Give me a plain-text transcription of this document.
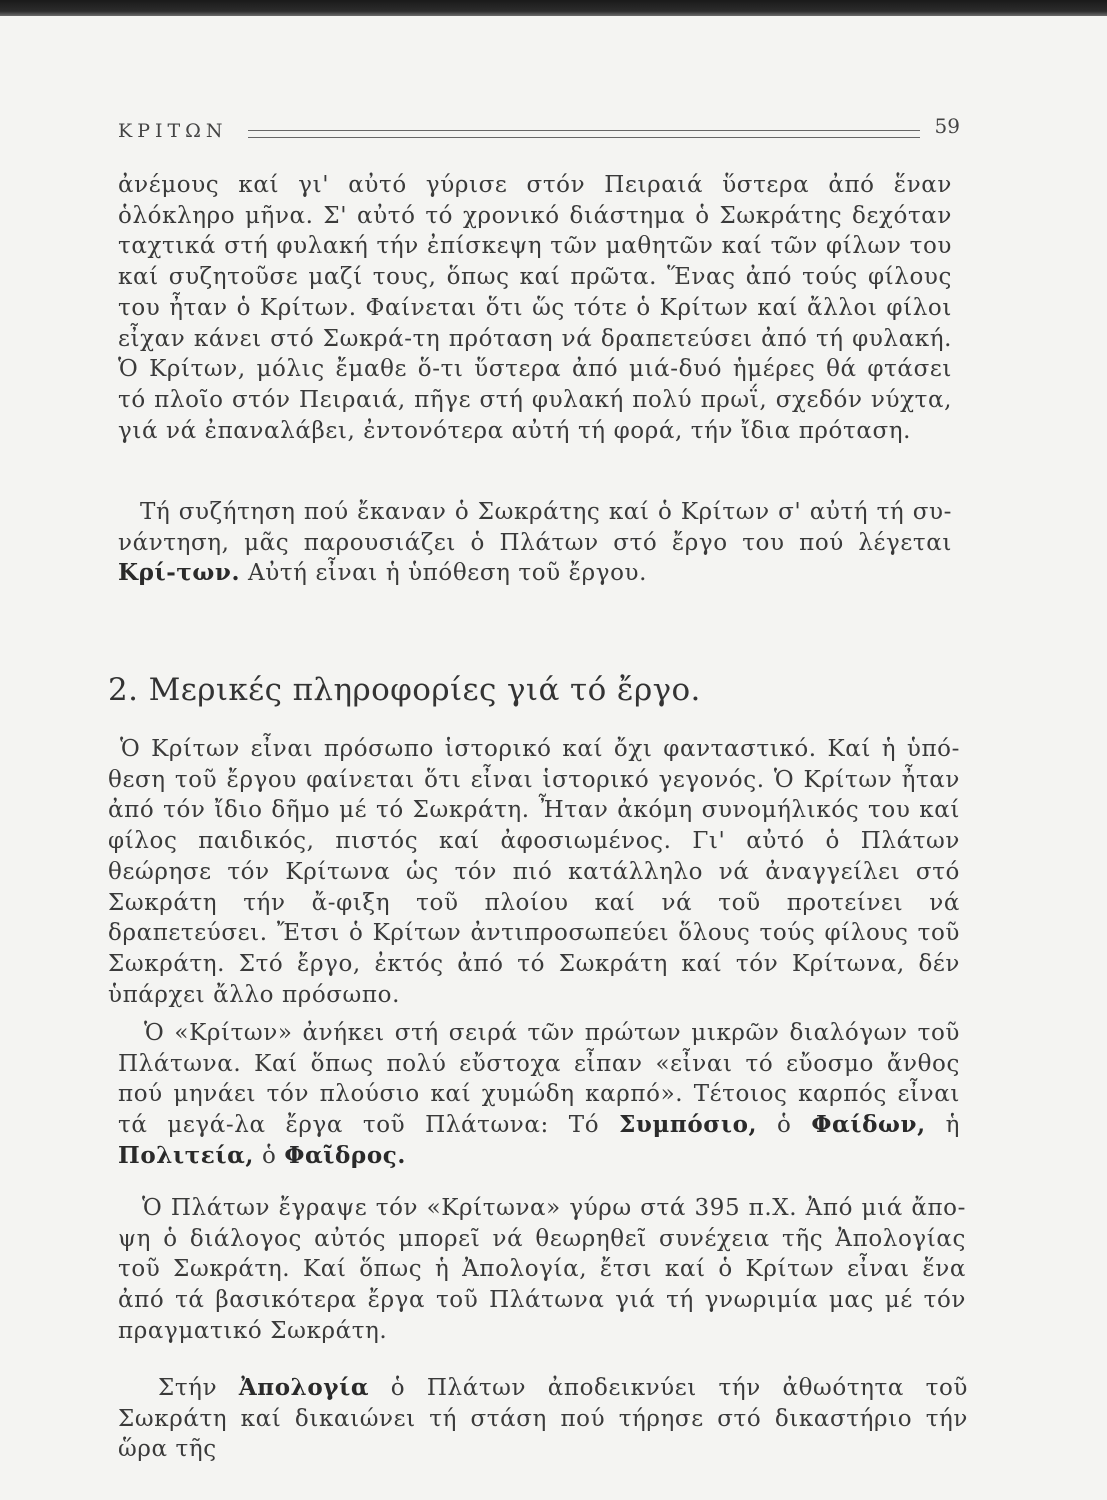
ΚΡΙΤΩΝ	59

ἀνέμους καί γι' αὐτό γύρισε στόν Πειραιά ὕστερα ἀπό ἕναν ὁλόκληρο μῆνα. Σ' αὐτό τό χρονικό διάστημα ὁ Σωκράτης δεχόταν ταχτικά στή φυλακή τήν ἐπίσκεψη τῶν μαθητῶν καί τῶν φίλων του καί συζητοῦσε μαζί τους, ὅπως καί πρῶτα. Ἕνας ἀπό τούς φίλους του ἦταν ὁ Κρίτων. Φαίνεται ὅτι ὥς τότε ὁ Κρίτων καί ἄλλοι φίλοι εἶχαν κάνει στό Σωκρά-τη πρόταση νά δραπετεύσει ἀπό τή φυλακή. Ὁ Κρίτων, μόλις ἔμαθε ὅ-τι ὕστερα ἀπό μιά-δυό ἡμέρες θά φτάσει τό πλοῖο στόν Πειραιά, πῆγε στή φυλακή πολύ πρωΐ, σχεδόν νύχτα, γιά νά ἐπαναλάβει, ἐντονότερα αὐτή τή φορά, τήν ἴδια πρόταση.

Τή συζήτηση πού ἔκαναν ὁ Σωκράτης καί ὁ Κρίτων σ' αὐτή τή συ-νάντηση, μᾶς παρουσιάζει ὁ Πλάτων στό ἔργο του πού λέγεται Κρί-των. Αὐτή εἶναι ἡ ὑπόθεση τοῦ ἔργου.

2. Μερικές πληροφορίες γιά τό ἔργο.

Ὁ Κρίτων εἶναι πρόσωπο ἱστορικό καί ὄχι φανταστικό. Καί ἡ ὑπό-θεση τοῦ ἔργου φαίνεται ὅτι εἶναι ἱστορικό γεγονός. Ὁ Κρίτων ἦταν ἀπό τόν ἴδιο δῆμο μέ τό Σωκράτη. Ἦταν ἀκόμη συνομήλικός του καί φίλος παιδικός, πιστός καί ἀφοσιωμένος. Γι' αὐτό ὁ Πλάτων θεώρησε τόν Κρίτωνα ὡς τόν πιό κατάλληλο νά ἀναγγείλει στό Σωκράτη τήν ἄ-φιξη τοῦ πλοίου καί νά τοῦ προτείνει νά δραπετεύσει. Ἔτσι ὁ Κρίτων ἀντιπροσωπεύει ὅλους τούς φίλους τοῦ Σωκράτη. Στό ἔργο, ἐκτός ἀπό τό Σωκράτη καί τόν Κρίτωνα, δέν ὑπάρχει ἄλλο πρόσωπο.

Ὁ «Κρίτων» ἀνήκει στή σειρά τῶν πρώτων μικρῶν διαλόγων τοῦ Πλάτωνα. Καί ὅπως πολύ εὔστοχα εἶπαν «εἶναι τό εὔοσμο ἄνθος πού μηνάει τόν πλούσιο καί χυμώδη καρπό». Τέτοιος καρπός εἶναι τά μεγά-λα ἔργα τοῦ Πλάτωνα: Τό Συμπόσιο, ὁ Φαίδων, ἡ Πολιτεία, ὁ Φαῖδρος.

Ὁ Πλάτων ἔγραψε τόν «Κρίτωνα» γύρω στά 395 π.Χ. Ἀπό μιά ἄπο-ψη ὁ διάλογος αὐτός μπορεῖ νά θεωρηθεῖ συνέχεια τῆς Ἀπολογίας τοῦ Σωκράτη. Καί ὅπως ἡ Ἀπολογία, ἔτσι καί ὁ Κρίτων εἶναι ἕνα ἀπό τά βασικότερα ἔργα τοῦ Πλάτωνα γιά τή γνωριμία μας μέ τόν πραγματικό Σωκράτη.

Στήν Ἀπολογία ὁ Πλάτων ἀποδεικνύει τήν ἀθωότητα τοῦ Σωκράτη καί δικαιώνει τή στάση πού τήρησε στό δικαστήριο τήν ὥρα τῆς
